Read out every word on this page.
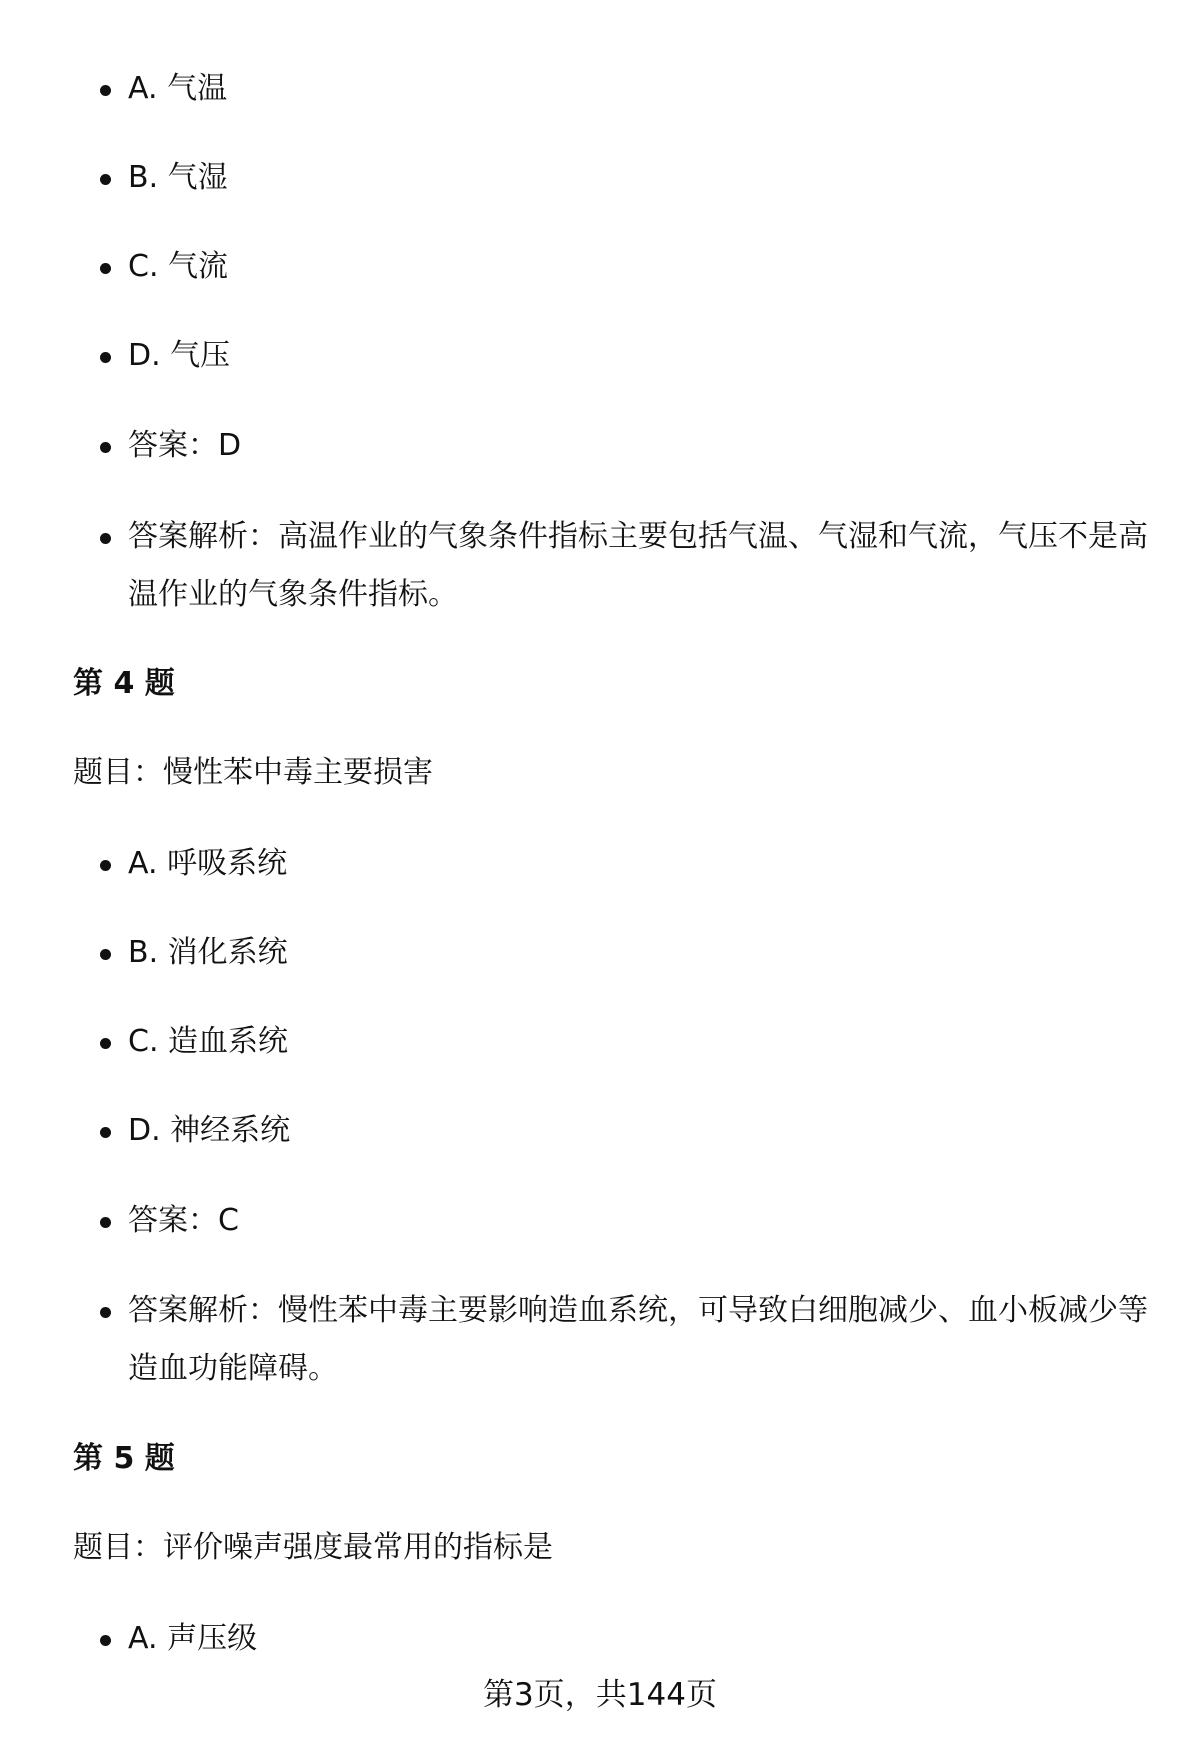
A. 气温
B. 气湿
C. 气流
D. 气压
答案：D
答案解析：高温作业的气象条件指标主要包括气温、气湿和气流，气压不是高温作业的气象条件指标。
第 4 题
题目：慢性苯中毒主要损害
A. 呼吸系统
B. 消化系统
C. 造血系统
D. 神经系统
答案：C
答案解析：慢性苯中毒主要影响造血系统，可导致白细胞减少、血小板减少等造血功能障碍。
第 5 题
题目：评价噪声强度最常用的指标是
A. 声压级
第3页，共144页
